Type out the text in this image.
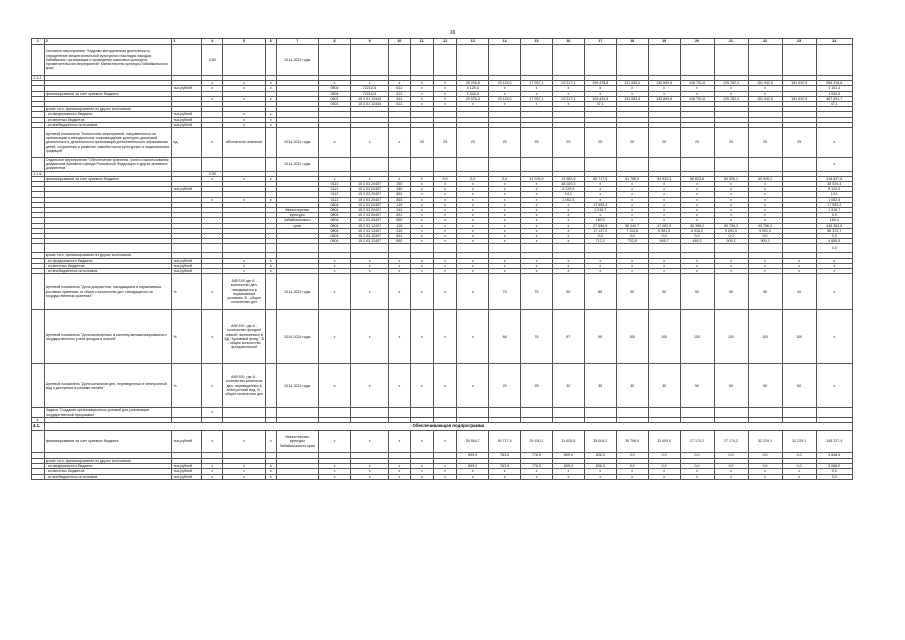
16
1	2	3	4	5	6	7	8	9	10	11	12	13	14	15	16	17	18	19	20	21	22	23	24
	Основное мероприятие "Кадрово-методическая деятельность, определение межрегиональной культурного наследия народов Забайкалья, организация и проведение массовых культурно-просветительских мероприятий" Министерство культуры Забайкальского края"		0,84			2014-2024 годы																	
2.3.2.																							
			х	х	х		х	х	х	х	х	35 205,8	20 118,0	17 937,1	23 317,1	109 478,8	131 083,4	130 669,6	108 751,6	125 782,4	151 942,5	151 942,5	556 318,6
		тыс.рублей	х	х	х		0804	7221101	612	х	х	4 129,4	х	х	х	х	х	х	х	х	х		4 161,4
	финансирование за счет краевого бюджета						0804	7221101	622	х	х	1 040,0	х	х	х	х	х	х	х	х	х		1 040,0
			х	х	х		0801	15 2 01 12444	611	х	х	29 076,3	20 118,0	17 937,1	23 317,1	109 429,8	131 083,4	130 669,6	108 751,6	125 782,4	151 942,5	151 942,5	467 651,7
							0801	15 2 01 12444	612	х	х	х	х	х	х	47,1							47,1
	кроме того, финансирование из других источников:																						
	- из федерального бюджета	тыс.рублей		х	х																		
	- из местных бюджетов	тыс.рублей		х	х																		
	- из внебюджетных источников	тыс.рублей		х	х																		
	Целевой показатель "Количество мероприятий, направленных на организацию и методическое сопровождение культурно-досуговой деятельности, деятельности организаций дополнительного образования детей, сохранение и развитие самобытности культурных и национальных традиций"	ед.	х	абсолютное значение		2014-2021 годы	х	х	х	25	25	25	25	25	25	25	25	25	25	25	25	25	х
	Отдельное мероприятие "Обеспечение хранения, учета и использования документов Архивного фонда Российской Федерации и других архивных документов"					2014-2021 годы																	х
2.1.6.			0,95																				
	финансирование за счет краевого бюджета		х	х	х		х	х	х	0	0,0	0,0	0,0	47 226,9	19 982,9	65 717,5	61 788,5	54 933,3	56 623,8	60 926,1	60 926,1		418 837,6
							0113	15 2 03 20407	150	х	х	х	х	х	48 029,3	х	х	х	х	х	х		48 029,3
		тыс.рублей					0113	15 2 03 20407	240	х	х	х	х	х	8 120,9	х	х	х	х	х	х		8 120,9
							0113	15 2 03 20407	852	х	х	х	х	х	14,1	х	х	х	х	х	х		14,1
			х	х	х		0113	15 2 03 20407	853	х	х	х	х	х	1 062,5	х	х	х	х	х	х		1 062,5
							0804	15 2 03 20407	110	х	х	х	х	х	х	17 993,2	х	х	х	х	х		17 993,2
						Министерство	0804	15 2 03 20407	240	х	х	х	х	х	х	1 916,7	х	х	х	х	х		1 916,7
						культуры	0804	15 2 03 20407	831	х	х	х	х	х	х	х	х	х	х	х	х		0,0
						Забайкальского	0804	15 2 03 20407	850	х	х	х	х	х	х	180,0	х	х	х	х	х		180,0
						края	0804	15 2 03 12407	120	х	х	х	х	х	х	27 656,9	55 342,7	47 082,0	48 398,2	50 756,3	50 756,3		348 384,6
							0804	15 2 03 12407	240	х	х	х	х	х	х	17 137,2	7 113,8	6 981,3	8 916,2	9 091,0	9 091,0		66 373,7
							0804	15 2 03 12407	831	х	х	х	х	х	х	0,0	0,0	0,0	0,0	0,0	0,0		0,0
							0804	15 2 03 12407	850	х	х	х	х	х	х	712,2	732,8	646,7	446,3	909,3	909,3		4 659,5
																							0,0
	кроме того, финансирование из других источников:																						
	- из федерального бюджета	тыс.рублей		х	х		х	х	х	х	х	х	х	х	х	х	х	х	х	х	х	х	х
	- из местных бюджетов	тыс.рублей		х	х		х	х	х	х	х	х	х	х	х	х	х	х	х	х	х	х	х
	- из внебюджетных источников	тыс.рублей		х	х		х	х	х	х	х	х	х	х	х	х	х	х	х	х	х	х	х
	Целевой показатель "Доля документов, находящихся в нормативных условиях хранения, от общего количества дел, находящихся на государственном хранении"	%	х	А/В*100 где А - количество дел, находящихся в нормативных условиях, В - общее количество дел		2014-2024 годы	х	х	х	х	х	х	70	75	80	85	90	90	90	90	90	90	х
	Целевой показатель "Доля включенных в систему автоматизированного государственного учета фондов и описей"	%	х	А/В*100, где А - количество фондов/описей, включенных в БД "Архивный фонд", В - общее количество фондов/описей		2014-2024 годы	х	х	х	х	х	х	68	76	87	95	100	100	100	100	100	100	х
	Целевой показатель "Доля каталогов дел, переведенных в электронный вид и доступных в режиме онлайн"	%	х	А/В*100, где А - количество каталогов дел, переведенных в электронный вид, В - общее количество дел		2014-2024 годы	х	х	х	х	х	х	20	25	30	35	40	45	50	50	50	50	х
	Задача "Создание организационных условий для реализации государственной программы"		х																				
4.																							
4.1.	Обеспечивающая подпрограмма																						
	финансирование за счет краевого бюджета	тыс.рублей	х	х	х	Министерство культуры Забайкальского края	х	х	х	х	х	30 564,7	90 717,4	29 150,1	31 625,5	35 004,2	35 796,0	33 493,0	27 174,2	27 174,2	32 229,1	32 229,1	345 227,4
												899,0	763,6	776,5	859,4	836,3	0,0	0,0	0,0	0,0	0,0	0,0	4 848,5
	кроме того, финансирование из других источников:																						
	- из федерального бюджета	тыс.рублей	х	х	х		х	х	х	х	х	899,0	763,6	776,5	859,4	836,3	0,0	0,0	0,0	0,0	0,0	0,0	4 088,0
	- из местных бюджетов	тыс.рублей	х	х	х		х	х	х	х	х	х	х	х	х	х	х	х	х	х	х	х	0,0
	- из внебюджетных источников	тыс.рублей	х	х	х		х	х	х	х	х	х	х	х	х	х	х	х	х	х	х	х	0,0
